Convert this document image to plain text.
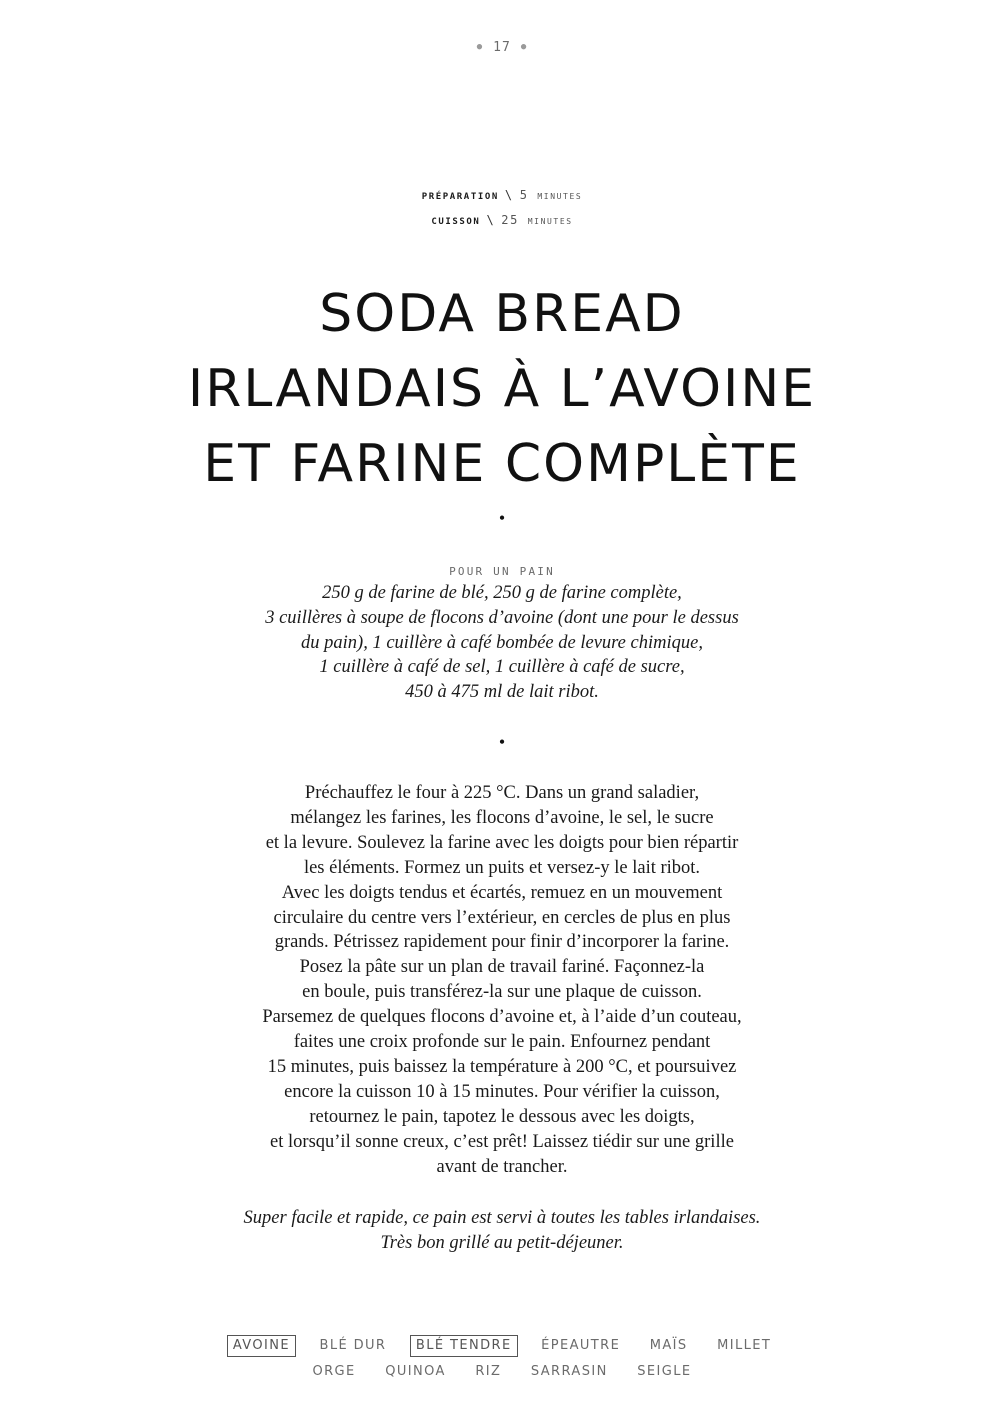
● 17 ●
préparation \ 5 minutes
cuisson \ 25 minutes
SODA BREAD
IRLANDAIS À L’AVOINE
ET FARINE COMPLÈTE
•
POUR UN PAIN
250 g de farine de blé, 250 g de farine complète,
3 cuillères à soupe de flocons d’avoine (dont une pour le dessus
du pain), 1 cuillère à café bombée de levure chimique,
1 cuillère à café de sel, 1 cuillère à café de sucre,
450 à 475 ml de lait ribot.
•
Préchauffez le four à 225 °C. Dans un grand saladier,
mélangez les farines, les flocons d’avoine, le sel, le sucre
et la levure. Soulevez la farine avec les doigts pour bien répartir
les éléments. Formez un puits et versez-y le lait ribot.
Avec les doigts tendus et écartés, remuez en un mouvement
circulaire du centre vers l’extérieur, en cercles de plus en plus
grands. Pétrissez rapidement pour finir d’incorporer la farine.
Posez la pâte sur un plan de travail fariné. Façonnez-la
en boule, puis transférez-la sur une plaque de cuisson.
Parsemez de quelques flocons d’avoine et, à l’aide d’un couteau,
faites une croix profonde sur le pain. Enfournez pendant
15 minutes, puis baissez la température à 200 °C, et poursuivez
encore la cuisson 10 à 15 minutes. Pour vérifier la cuisson,
retournez le pain, tapotez le dessous avec les doigts,
et lorsqu’il sonne creux, c’est prêt! Laissez tiédir sur une grille
avant de trancher.
Super facile et rapide, ce pain est servi à toutes les tables irlandaises.
Très bon grillé au petit-déjeuner.
AVOINE BLÉ DUR BLÉ TENDRE ÉPEAUTRE MAÏS MILLET
ORGE QUINOA RIZ SARRASIN SEIGLE
